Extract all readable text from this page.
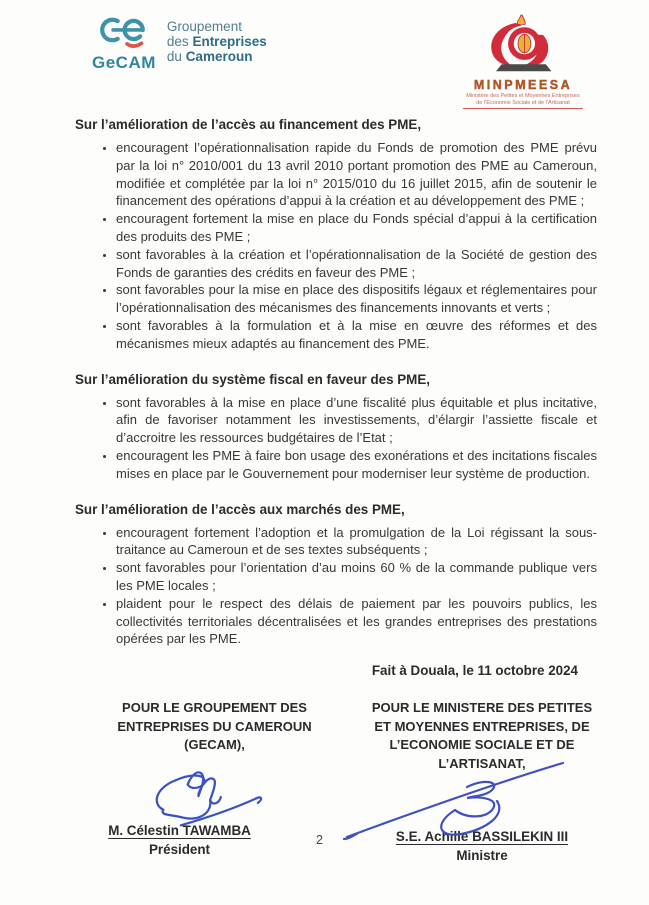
GeCAM
Groupement
des Entreprises
du Cameroun
MINPMEESA
Ministère des Petites et Moyennes Entreprises
de l’Economie Sociale et de l’Artisanat
Sur l’amélioration de l’accès au financement des PME,
• encouragent l’opérationnalisation rapide du Fonds de promotion des PME prévu par la loi n° 2010/001 du 13 avril 2010 portant promotion des PME au Cameroun, modifiée et complétée par la loi n° 2015/010 du 16 juillet 2015, afin de soutenir le financement des opérations d’appui à la création et au développement des PME ;
• encouragent fortement la mise en place du Fonds spécial d’appui à la certification des produits des PME ;
• sont favorables à la création et l’opérationnalisation de la Société de gestion des Fonds de garanties des crédits en faveur des PME ;
• sont favorables pour la mise en place des dispositifs légaux et réglementaires pour l’opérationnalisation des mécanismes des financements innovants et verts ;
• sont favorables à la formulation et à la mise en œuvre des réformes et des mécanismes mieux adaptés au financement des PME.
Sur l’amélioration du système fiscal en faveur des PME,
• sont favorables à la mise en place d’une fiscalité plus équitable et plus incitative, afin de favoriser notamment les investissements, d’élargir l’assiette fiscale et d’accroitre les ressources budgétaires de l’Etat ;
• encouragent les PME à faire bon usage des exonérations et des incitations fiscales mises en place par le Gouvernement pour moderniser leur système de production.
Sur l’amélioration de l’accès aux marchés des PME,
• encouragent fortement l’adoption et la promulgation de la Loi régissant la sous-traitance au Cameroun et de ses textes subséquents ;
• sont favorables pour l’orientation d’au moins 60 % de la commande publique vers les PME locales ;
• plaident pour le respect des délais de paiement par les pouvoirs publics, les collectivités territoriales décentralisées et les grandes entreprises des prestations opérées par les PME.
Fait à Douala, le 11 octobre 2024
POUR LE GROUPEMENT DES ENTREPRISES DU CAMEROUN (GECAM),
M. Célestin TAWAMBA
Président
POUR LE MINISTERE DES PETITES ET MOYENNES ENTREPRISES, DE L’ECONOMIE SOCIALE ET DE L’ARTISANAT,
S.E. Achille BASSILEKIN III
Ministre
2
